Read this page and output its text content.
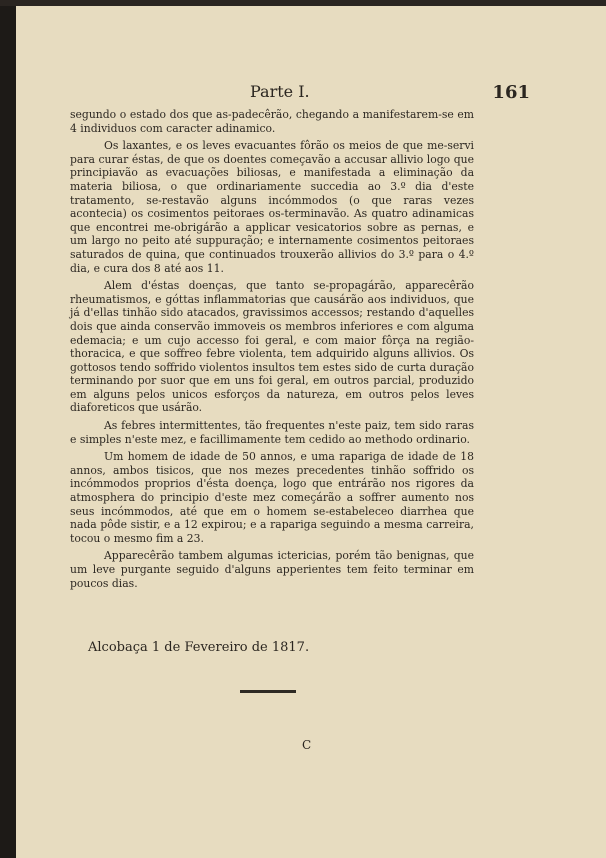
Parte I.	161

segundo o estado dos que as-padecêrão, chegando a manifestarem-se em 4 individuos com caracter adinamico.

Os laxantes, e os leves evacuantes fôrão os meios de que me-servi para curar éstas, de que os doentes começavão a accusar allivio logo que principiavão as evacuações biliosas, e manifestada a eliminação da materia biliosa, o que ordinariamente succedia ao 3.º dia d'este tratamento, se-restavão alguns incómmodos (o que raras vezes acontecia) os cosimentos peitoraes os-terminavão. As quatro adinamicas que encontrei me-obrigárão a applicar vesicatorios sobre as pernas, e um largo no peito até suppuração; e internamente cosimentos peitoraes saturados de quina, que continuados trouxerão allivios do 3.º para o 4.º dia, e cura dos 8 até aos 11.

Alem d'éstas doenças, que tanto se-propagárão, apparecêrão rheumatismos, e góttas inflammatorias que causárão aos individuos, que já d'ellas tinhão sido atacados, gravissimos accessos; restando d'aquelles dois que ainda conservão immoveis os membros inferiores e com alguma edemacia; e um cujo accesso foi geral, e com maior fôrça na região-thoracica, e que soffreo febre violenta, tem adquirido alguns allivios. Os gottosos tendo soffrido violentos insultos tem estes sido de curta duração terminando por suor que em uns foi geral, em outros parcial, produzido em alguns pelos unicos esforços da natureza, em outros pelos leves diaforeticos que usárão.

As febres intermittentes, tão frequentes n'este paiz, tem sido raras e simples n'este mez, e facillimamente tem cedido ao methodo ordinario.

Um homem de idade de 50 annos, e uma rapariga de idade de 18 annos, ambos tisicos, que nos mezes precedentes tinhão soffrido os incómmodos proprios d'ésta doença, logo que entrárão nos rigores da atmosphera do principio d'este mez começárão a soffrer aumento nos seus incómmodos, até que em o homem se-estabeleceo diarrhea que nada pôde sistir, e a 12 expirou; e a rapariga seguindo a mesma carreira, tocou o mesmo fim a 23.

Apparecêrão tambem algumas ictericias, porém tão benignas, que um leve purgante seguido d'alguns apperientes tem feito terminar em poucos dias.

Alcobaça 1 de Fevereiro de 1817.
C
